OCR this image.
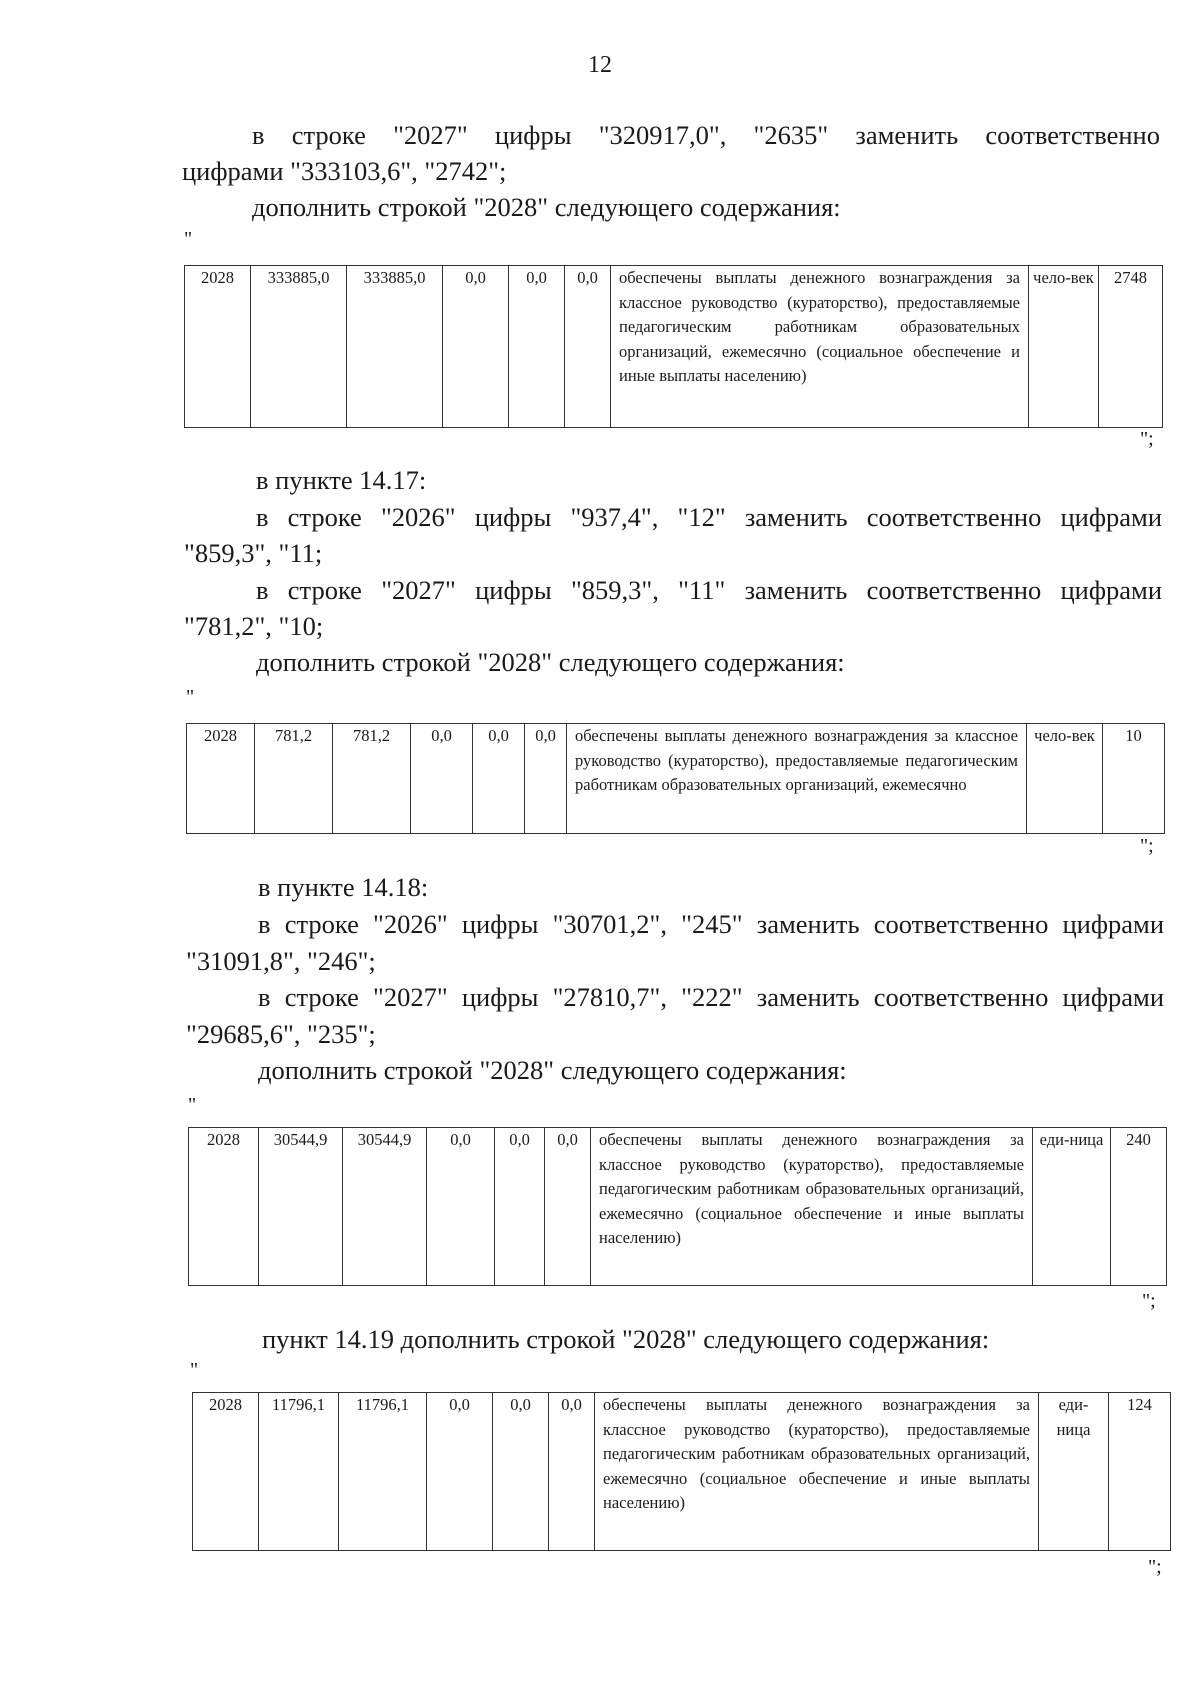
12
в строке "2027" цифры "320917,0", "2635" заменить соответственно
цифрами "333103,6", "2742";
дополнить строкой "2028" следующего содержания:
"
2028	333885,0	333885,0	0,0	0,0	0,0	обеспечены выплаты денежного вознаграждения за классное руководство (кураторство), предоставляемые педагогическим работникам образовательных организаций, ежемесячно (социальное обеспечение и иные выплаты населению)	чело-век	2748
";
в пункте 14.17:
в строке "2026" цифры "937,4", "12" заменить соответственно цифрами
"859,3", "11;
в строке "2027" цифры "859,3", "11" заменить соответственно цифрами
"781,2", "10;
дополнить строкой "2028" следующего содержания:
"
2028	781,2	781,2	0,0	0,0	0,0	обеспечены выплаты денежного вознаграждения за классное руководство (кураторство), предоставляемые педагогическим работникам образовательных организаций, ежемесячно	чело-век	10
";
в пункте 14.18:
в строке "2026" цифры "30701,2", "245" заменить соответственно цифрами
"31091,8", "246";
в строке "2027" цифры "27810,7", "222" заменить соответственно цифрами
"29685,6", "235";
дополнить строкой "2028" следующего содержания:
"
2028	30544,9	30544,9	0,0	0,0	0,0	обеспечены выплаты денежного вознаграждения за классное руководство (кураторство), предоставляемые педагогическим работникам образовательных организаций, ежемесячно (социальное обеспечение и иные выплаты населению)	еди-ница	240
";
пункт 14.19 дополнить строкой "2028" следующего содержания:
"
2028	11796,1	11796,1	0,0	0,0	0,0	обеспечены выплаты денежного вознаграждения за классное руководство (кураторство), предоставляемые педагогическим работникам образовательных организаций, ежемесячно (социальное обеспечение и иные выплаты населению)	еди-ница	124
";
